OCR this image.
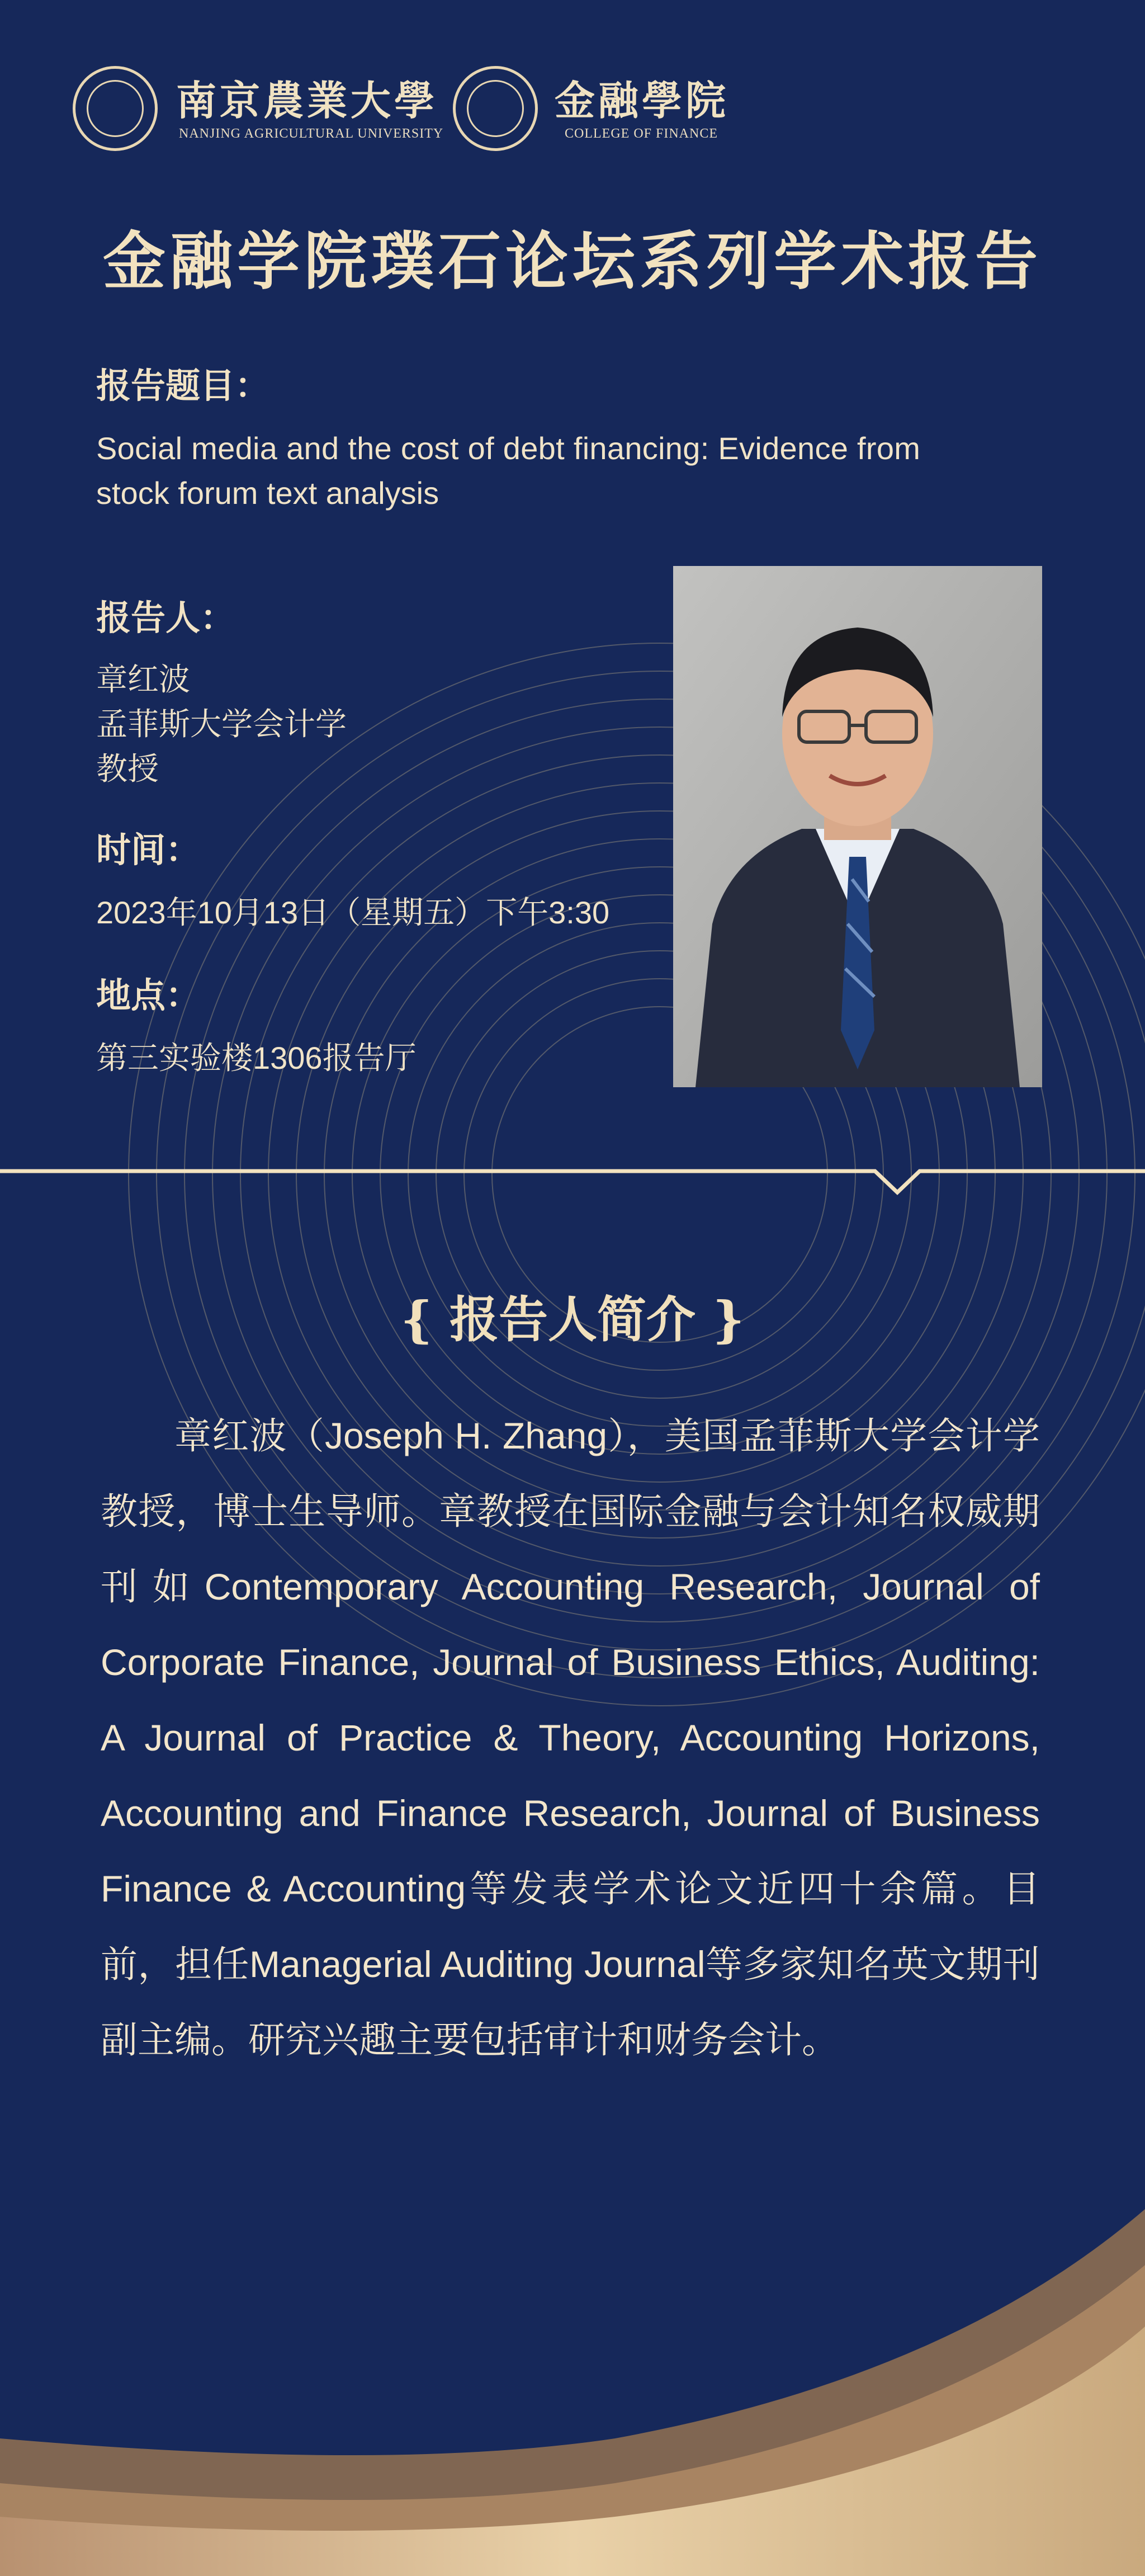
南京農業大學
NANJING AGRICULTURAL UNIVERSITY
金融學院
COLLEGE OF FINANCE
金融学院璞石论坛系列学术报告
报告题目：
Social media and the cost of debt financing: Evidence from
stock forum text analysis
报告人：
章红波
孟菲斯大学会计学
教授
时间：
2023年10月13日（星期五）下午3:30
地点：
第三实验楼1306报告厅
{ 报告人简介 }
章红波（Joseph H. Zhang），美国孟菲斯大学会计学教授，博士生导师。章教授在国际金融与会计知名权威期刊如Contemporary Accounting Research, Journal of Corporate Finance, Journal of Business Ethics, Auditing: A Journal of Practice & Theory, Accounting Horizons, Accounting and Finance Research, Journal of Business Finance & Accounting等发表学术论文近四十余篇。目前，担任Managerial Auditing Journal等多家知名英文期刊副主编。研究兴趣主要包括审计和财务会计。
